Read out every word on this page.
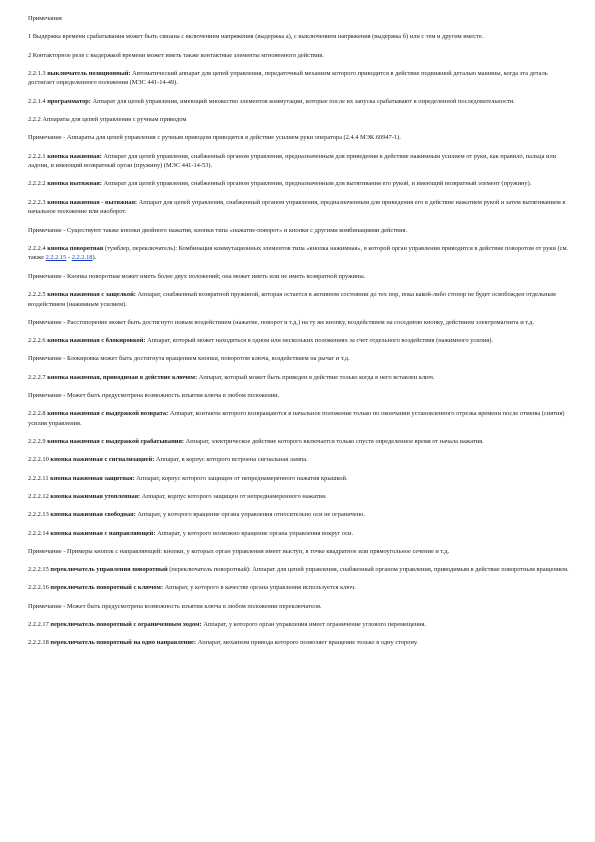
Примечания
1 Выдержка времени срабатывания может быть связана с включением напряжения (выдержка а), с выключением напряжения (выдержка б) или с тем и другим вместе.
2 Контакторное реле с выдержкой времени может иметь также контактные элементы мгновенного действия.
2.2.1.3 выключатель позиционный: Автоматический аппарат для цепей управления, передаточный механизм которого приводится в действие подвижной деталью машины, когда эта деталь достигает определенного положения (МЭС 441-14-49).
2.2.1.4 программатор: Аппарат для цепей управления, имеющий множество элементов коммутации, которые после их запуска срабатывают в определенной последовательности.
2.2.2 Аппараты для цепей управления с ручным приводом
Примечание - Аппараты для цепей управления с ручным приводом приводятся в действие усилием руки оператора (2.4.4 МЭК 60947-1).
2.2.2.1 кнопка нажимная: Аппарат для цепей управления, снабженный органом управления, предназначенным для приведения в действие нажимным усилием от руки, как правило, пальца или ладони, и имеющий возвратный орган (пружину) (МЭС 441-14-53).
2.2.2.2 кнопка вытяжная: Аппарат для цепей управления, снабженный органом управления, предназначенным для вытягивания его рукой, и имеющий возвратный элемент (пружину).
2.2.2.3 кнопка нажимная - вытяжная: Аппарат для цепей управления, снабженный органом управления, предназначенным для приведения его в действие нажатием рукой и затем вытягиванием в начальное положение или наоборот.
Примечание - Существуют также кнопки двойного нажатия, кнопки типа «нажатие-поворот» и кнопки с другими комбинациями действия.
2.2.2.4 кнопка поворотная (тумблер, переключатель): Комбинация коммутационных элементов типа «кнопка нажимная», в которой орган управления приводится в действие поворотом от руки (см. также 2.2.2.15 - 2.2.2.18).
Примечание - Кнопка поворотная может иметь более двух положений; она может иметь или не иметь возвратной пружины.
2.2.2.5 кнопка нажимная с защелкой: Аппарат, снабженный возвратной пружиной, которая остается в активном состоянии до тех пор, пока какой-либо стопор не будет освобожден отдельным воздействием (нажимным усилием).
Примечание - Расстопорение может быть достигнуто новым воздействием (нажатие, поворот и т.д.) на ту же кнопку, воздействием на соседнюю кнопку, действием электромагнита и т.д.
2.2.2.6 кнопка нажимная с блокировкой: Аппарат, который может находиться в одном или нескольких положениях за счет отдельного воздействия (нажимного усилия).
Примечание - Блокировка может быть достигнута вращением кнопки, поворотом ключа, воздействием на рычаг и т.д.
2.2.2.7 кнопка нажимная, приводимая в действие ключом: Аппарат, который может быть приведен в действие только когда в него вставлен ключ.
Примечание - Может быть предусмотрена возможность изъятия ключа в любом положении.
2.2.2.8 кнопка нажимная с выдержкой возврата: Аппарат, контакты которого возвращаются в начальное положение только по окончании установленного отрезка времени после отмены (снятия) усилия управления.
2.2.2.9 кнопка нажимная с выдержкой срабатывания: Аппарат, электрическое действие которого включается только спустя определенное время от начала нажатия.
2.2.2.10 кнопка нажимная с сигнализацией: Аппарат, в корпус которого встроена сигнальная лампа.
2.2.2.11 кнопка нажимная защитная: Аппарат, корпус которого защищен от непреднамеренного нажатия крышкой.
2.2.2.12 кнопка нажимная утопленная: Аппарат, корпус которого защищен от непреднамеренного нажатия.
2.2.2.13 кнопка нажимная свободная: Аппарат, у которого вращение органа управления относительно оси не ограничено.
2.2.2.14 кнопка нажимная с направляющей: Аппарат, у которого возможно вращение органа управления вокруг оси.
Примечание - Примеры кнопок с направляющей: кнопки, у которых орган управления имеет выступ, в точке квадратное или прямоугольное сечение и т.д.
2.2.2.15 переключатель управления поворотный (переключатель поворотный): Аппарат для цепей управления, снабженный органом управления, приводимым в действие поворотным вращением.
2.2.2.16 переключатель поворотный с ключом: Аппарат, у которого в качестве органа управления используется ключ.
Примечание - Может быть предусмотрена возможность изъятия ключа в любом положении переключателя.
2.2.2.17 переключатель поворотный с ограниченным ходом: Аппарат, у которого орган управления имеет ограничение углового перемещения.
2.2.2.18 переключатель поворотный на одно направление: Аппарат, механизм привода которого позволяет вращение только в одну сторону.
